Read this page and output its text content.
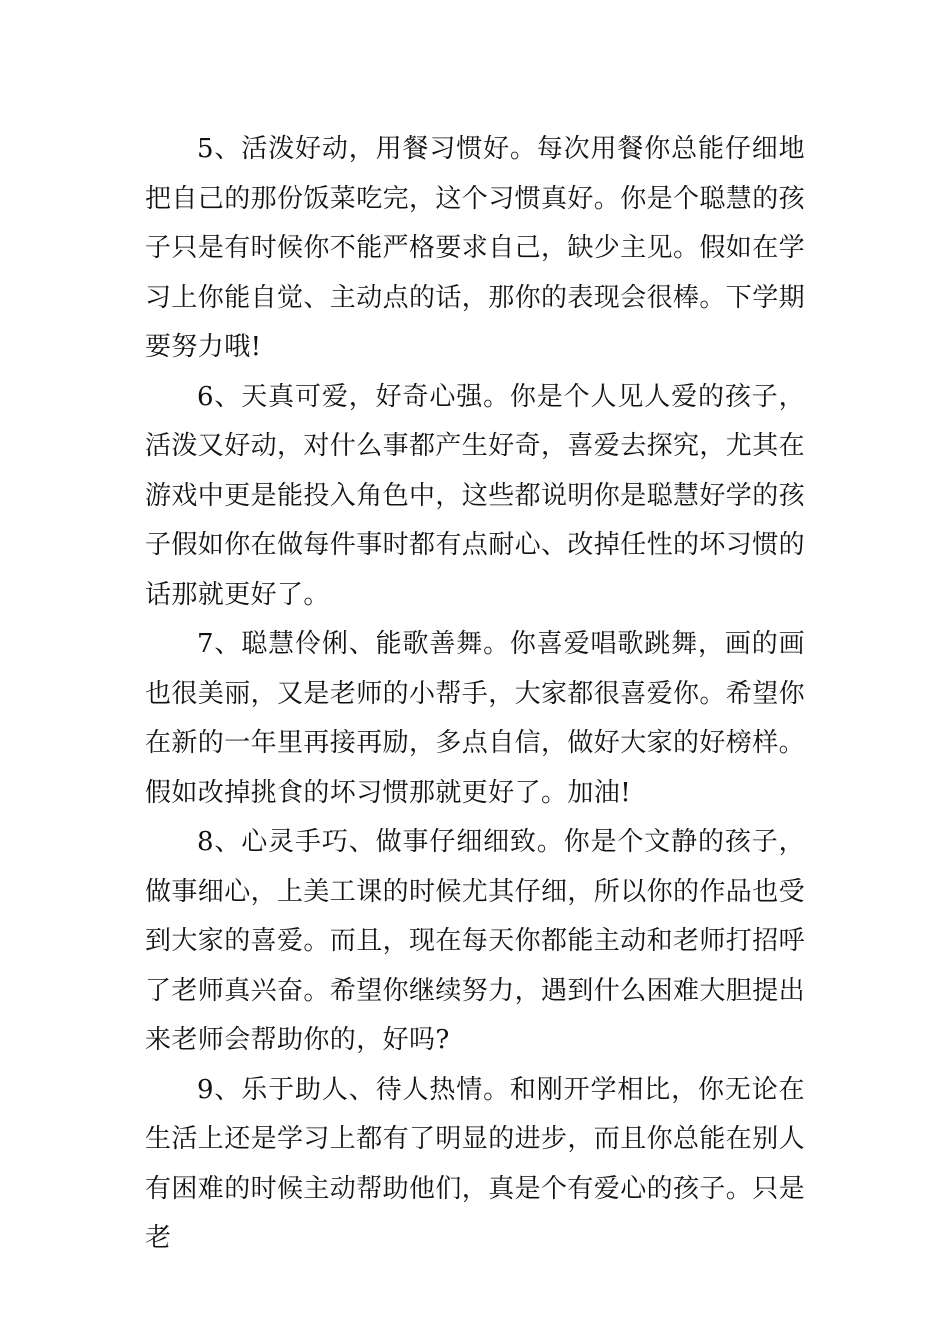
5、活泼好动，用餐习惯好。每次用餐你总能仔细地把自己的那份饭菜吃完，这个习惯真好。你是个聪慧的孩子只是有时候你不能严格要求自己，缺少主见。假如在学习上你能自觉、主动点的话，那你的表现会很棒。下学期要努力哦!

6、天真可爱，好奇心强。你是个人见人爱的孩子，活泼又好动，对什么事都产生好奇，喜爱去探究，尤其在游戏中更是能投入角色中，这些都说明你是聪慧好学的孩子假如你在做每件事时都有点耐心、改掉任性的坏习惯的话那就更好了。

7、聪慧伶俐、能歌善舞。你喜爱唱歌跳舞，画的画也很美丽，又是老师的小帮手，大家都很喜爱你。希望你在新的一年里再接再励，多点自信，做好大家的好榜样。假如改掉挑食的坏习惯那就更好了。加油!

8、心灵手巧、做事仔细细致。你是个文静的孩子，做事细心，上美工课的时候尤其仔细，所以你的作品也受到大家的喜爱。而且，现在每天你都能主动和老师打招呼了老师真兴奋。希望你继续努力，遇到什么困难大胆提出来老师会帮助你的，好吗?

9、乐于助人、待人热情。和刚开学相比，你无论在生活上还是学习上都有了明显的进步，而且你总能在别人有困难的时候主动帮助他们，真是个有爱心的孩子。只是老
